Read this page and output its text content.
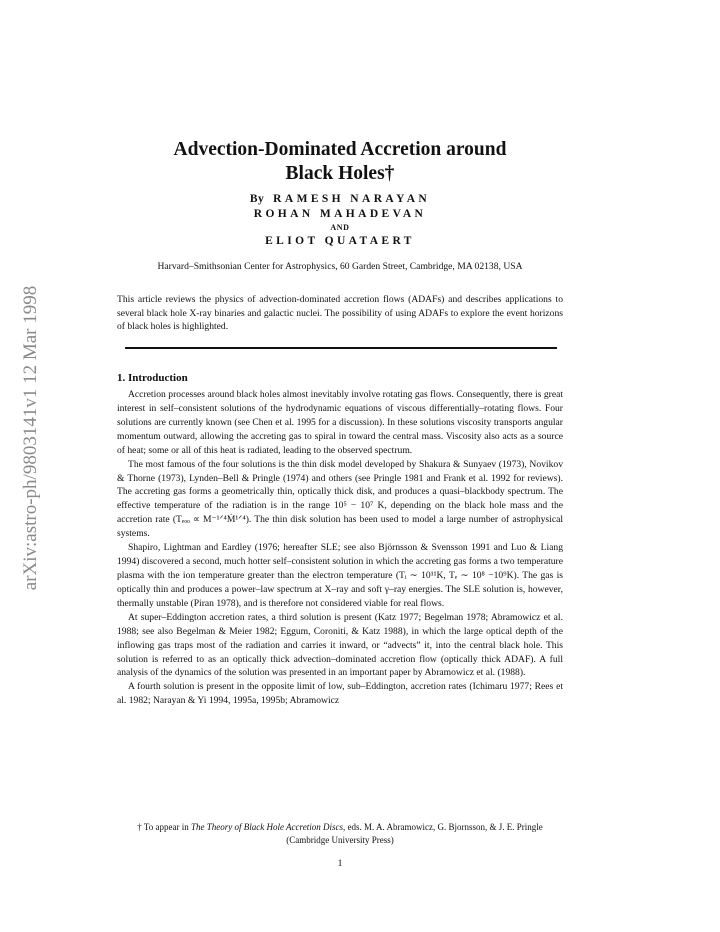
arXiv:astro-ph/9803141v1 12 Mar 1998
Advection-Dominated Accretion around
Black Holes†
By RAMESH NARAYAN
ROHAN MAHADEVAN
AND
ELIOT QUATAERT
Harvard–Smithsonian Center for Astrophysics, 60 Garden Street, Cambridge, MA 02138, USA
This article reviews the physics of advection-dominated accretion flows (ADAFs) and describes applications to several black hole X-ray binaries and galactic nuclei. The possibility of using ADAFs to explore the event horizons of black holes is highlighted.
1. Introduction

Accretion processes around black holes almost inevitably involve rotating gas flows. Consequently, there is great interest in self–consistent solutions of the hydrodynamic equations of viscous differentially–rotating flows. Four solutions are currently known (see Chen et al. 1995 for a discussion). In these solutions viscosity transports angular momentum outward, allowing the accreting gas to spiral in toward the central mass. Viscosity also acts as a source of heat; some or all of this heat is radiated, leading to the observed spectrum.

The most famous of the four solutions is the thin disk model developed by Shakura & Sunyaev (1973), Novikov & Thorne (1973), Lynden–Bell & Pringle (1974) and others (see Pringle 1981 and Frank et al. 1992 for reviews). The accreting gas forms a geometrically thin, optically thick disk, and produces a quasi–blackbody spectrum. The effective temperature of the radiation is in the range 10⁵ − 10⁷ K, depending on the black hole mass and the accretion rate (Tₑₒₒ ∝ M⁻¹ᐟ⁴Ṁ¹ᐟ⁴). The thin disk solution has been used to model a large number of astrophysical systems.

Shapiro, Lightman and Eardley (1976; hereafter SLE; see also Björnsson & Svensson 1991 and Luo & Liang 1994) discovered a second, much hotter self–consistent solution in which the accreting gas forms a two temperature plasma with the ion temperature greater than the electron temperature (Tᵢ ∼ 10¹¹K, Tₑ ∼ 10⁸ −10⁹K). The gas is optically thin and produces a power–law spectrum at X–ray and soft γ–ray energies. The SLE solution is, however, thermally unstable (Piran 1978), and is therefore not considered viable for real flows.

At super–Eddington accretion rates, a third solution is present (Katz 1977; Begelman 1978; Abramowicz et al. 1988; see also Begelman & Meier 1982; Eggum, Coroniti, & Katz 1988), in which the large optical depth of the inflowing gas traps most of the radiation and carries it inward, or “advects” it, into the central black hole. This solution is referred to as an optically thick advection–dominated accretion flow (optically thick ADAF). A full analysis of the dynamics of the solution was presented in an important paper by Abramowicz et al. (1988).

A fourth solution is present in the opposite limit of low, sub–Eddington, accretion rates (Ichimaru 1977; Rees et al. 1982; Narayan & Yi 1994, 1995a, 1995b; Abramowicz

† To appear in The Theory of Black Hole Accretion Discs, eds. M. A. Abramowicz, G. Bjornsson, & J. E. Pringle (Cambridge University Press)
1
